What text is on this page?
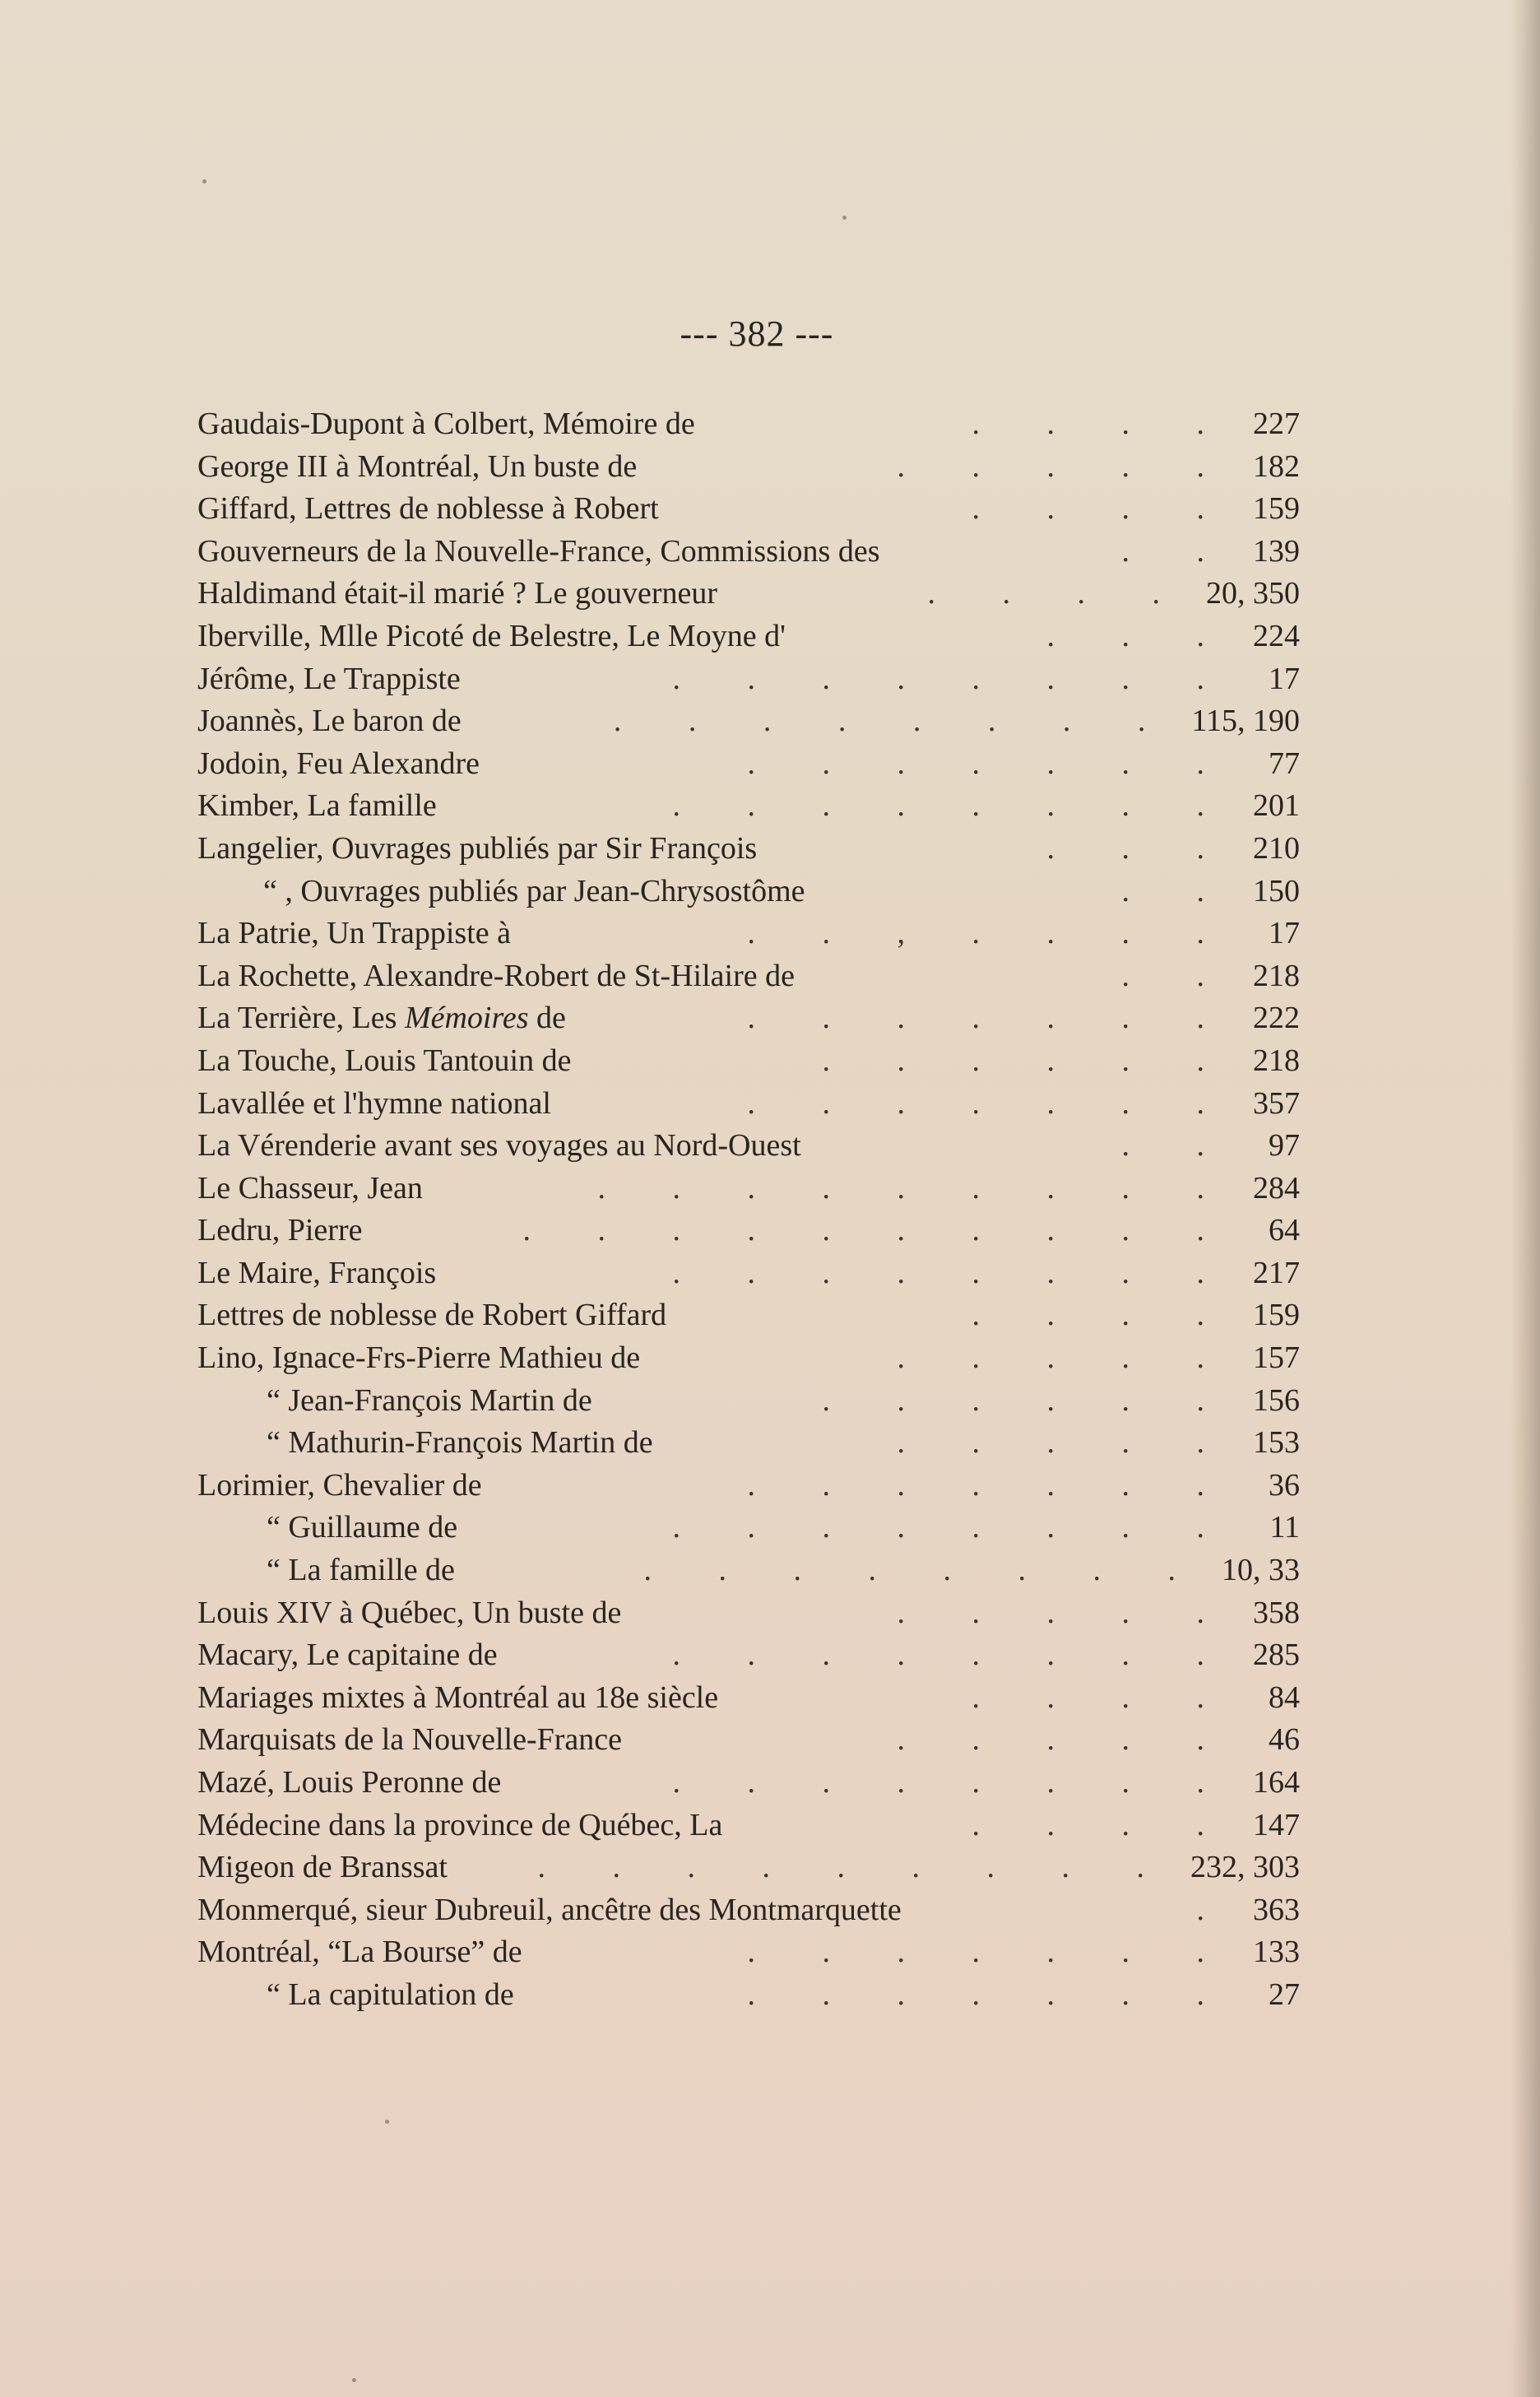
--- 382 ---
Gaudais-Dupont à Colbert, Mémoire de	. . . . 227
George III à Montréal, Un buste de	. . . . . 182
Giffard, Lettres de noblesse à Robert	. . . . 159
Gouverneurs de la Nouvelle-France, Commissions des	. . 139
Haldimand était-il marié ? Le gouverneur	. . . . 20, 350
Iberville, Mlle Picoté de Belestre, Le Moyne d'	. . . 224
Jérôme, Le Trappiste	. . . . . . . .	17
Joannès, Le baron de	. . . . . . . . 115, 190
Jodoin, Feu Alexandre	. . . . . . .	77
Kimber, La famille	. . . . . . . . 201
Langelier, Ouvrages publiés par Sir François	. . . 210
“ , Ouvrages publiés par Jean-Chrysostôme	. . 150
La Patrie, Un Trappiste à	. . , . . . .	17
La Rochette, Alexandre-Robert de St-Hilaire de	. . 218
La Terrière, Les Mémoires de	. . . . . . . 222
La Touche, Louis Tantouin de	. . . . . . 218
Lavallée et l'hymne national	. . . . . . . 357
La Vérenderie avant ses voyages au Nord-Ouest	. .	97
Le Chasseur, Jean	. . . . . . . . . 284
Ledru, Pierre	. . . . . . . . . .	64
Le Maire, François	. . . . . . . . 217
Lettres de noblesse de Robert Giffard	. . . . 159
Lino, Ignace-Frs-Pierre Mathieu de	. . . . . 157
“ Jean-François Martin de	. . . . . . 156
“ Mathurin-François Martin de	. . . . . 153
Lorimier, Chevalier de	. . . . . . .	36
“ Guillaume de	. . . . . . . .	11
“ La famille de	. . . . . . . . 10, 33
Louis XIV à Québec, Un buste de	. . . . . 358
Macary, Le capitaine de	. . . . . . . . 285
Mariages mixtes à Montréal au 18e siècle	. . . .	84
Marquisats de la Nouvelle-France	. . . . .	46
Mazé, Louis Peronne de	. . . . . . . . 164
Médecine dans la province de Québec, La	. . . . 147
Migeon de Branssat	. . . . . . . . . 232, 303
Monmerqué, sieur Dubreuil, ancêtre des Montmarquette	. 363
Montréal, “La Bourse” de	. . . . . . . 133
“ La capitulation de	. . . . . . .	27
